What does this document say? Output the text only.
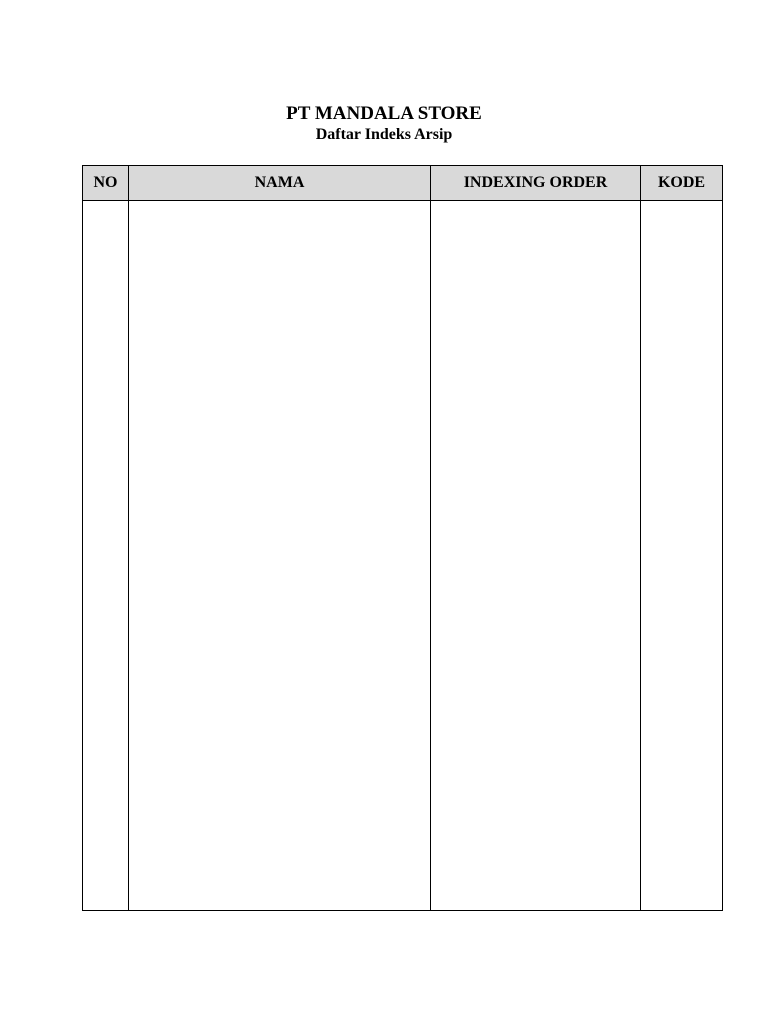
PT MANDALA STORE
Daftar Indeks Arsip
NO	NAMA	INDEXING ORDER	KODE
